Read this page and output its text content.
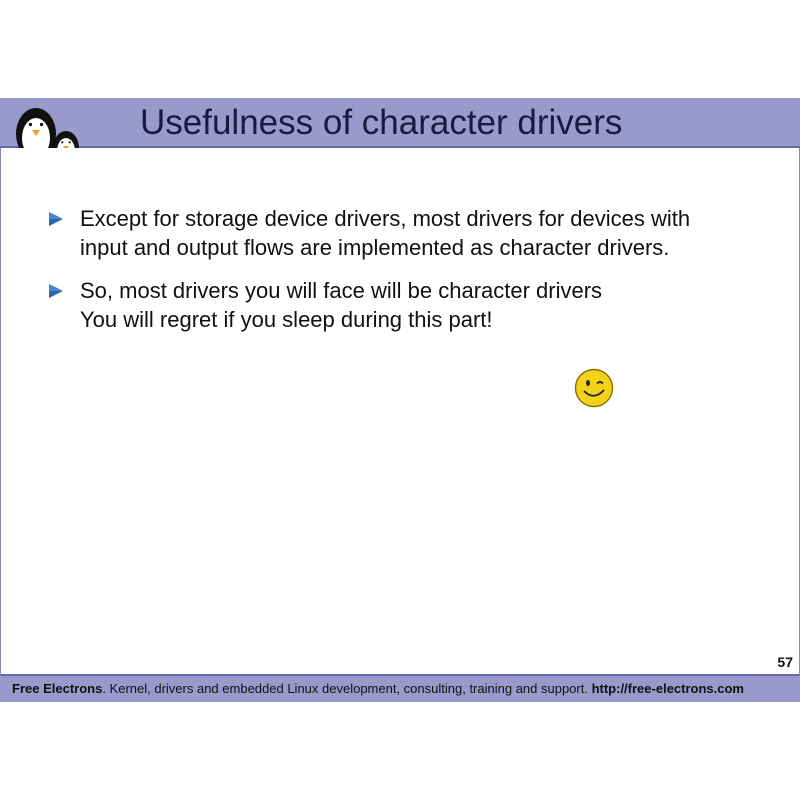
Usefulness of character drivers
Except for storage device drivers, most drivers for devices with
input and output flows are implemented as character drivers.
So, most drivers you will face will be character drivers
You will regret if you sleep during this part!
57
Free Electrons. Kernel, drivers and embedded Linux development, consulting, training and support. http://free-electrons.com
